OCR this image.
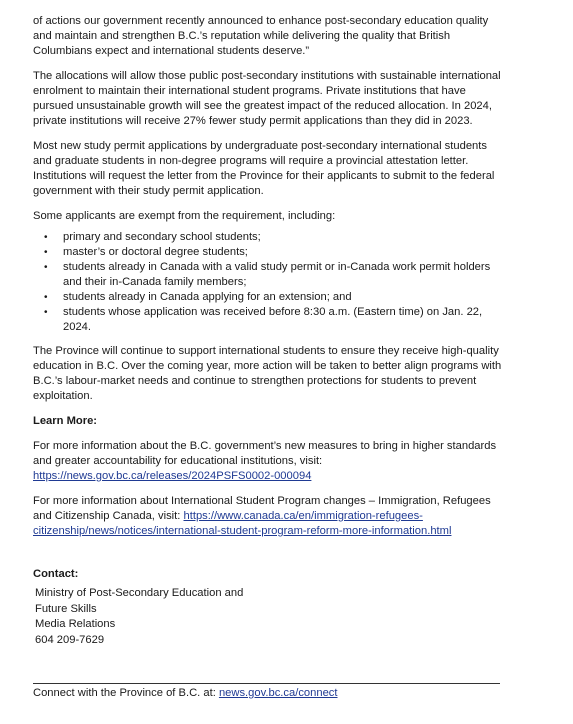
of actions our government recently announced to enhance post-secondary education quality and maintain and strengthen B.C.’s reputation while delivering the quality that British Columbians expect and international students deserve.”

The allocations will allow those public post-secondary institutions with sustainable international enrolment to maintain their international student programs. Private institutions that have pursued unsustainable growth will see the greatest impact of the reduced allocation. In 2024, private institutions will receive 27% fewer study permit applications than they did in 2023.

Most new study permit applications by undergraduate post-secondary international students and graduate students in non-degree programs will require a provincial attestation letter. Institutions will request the letter from the Province for their applicants to submit to the federal government with their study permit application.

Some applicants are exempt from the requirement, including:

• primary and secondary school students;
• master’s or doctoral degree students;
• students already in Canada with a valid study permit or in-Canada work permit holders and their in-Canada family members;
• students already in Canada applying for an extension; and
• students whose application was received before 8:30 a.m. (Eastern time) on Jan. 22, 2024.

The Province will continue to support international students to ensure they receive high-quality education in B.C. Over the coming year, more action will be taken to better align programs with B.C.’s labour-market needs and continue to strengthen protections for students to prevent exploitation.

Learn More:

For more information about the B.C. government’s new measures to bring in higher standards and greater accountability for educational institutions, visit:
https://news.gov.bc.ca/releases/2024PSFS0002-000094

For more information about International Student Program changes – Immigration, Refugees and Citizenship Canada, visit: https://www.canada.ca/en/immigration-refugees-citizenship/news/notices/international-student-program-reform-more-information.html

Contact:

Ministry of Post-Secondary Education and

Future Skills

Media Relations

604 209-7629

Connect with the Province of B.C. at: news.gov.bc.ca/connect
